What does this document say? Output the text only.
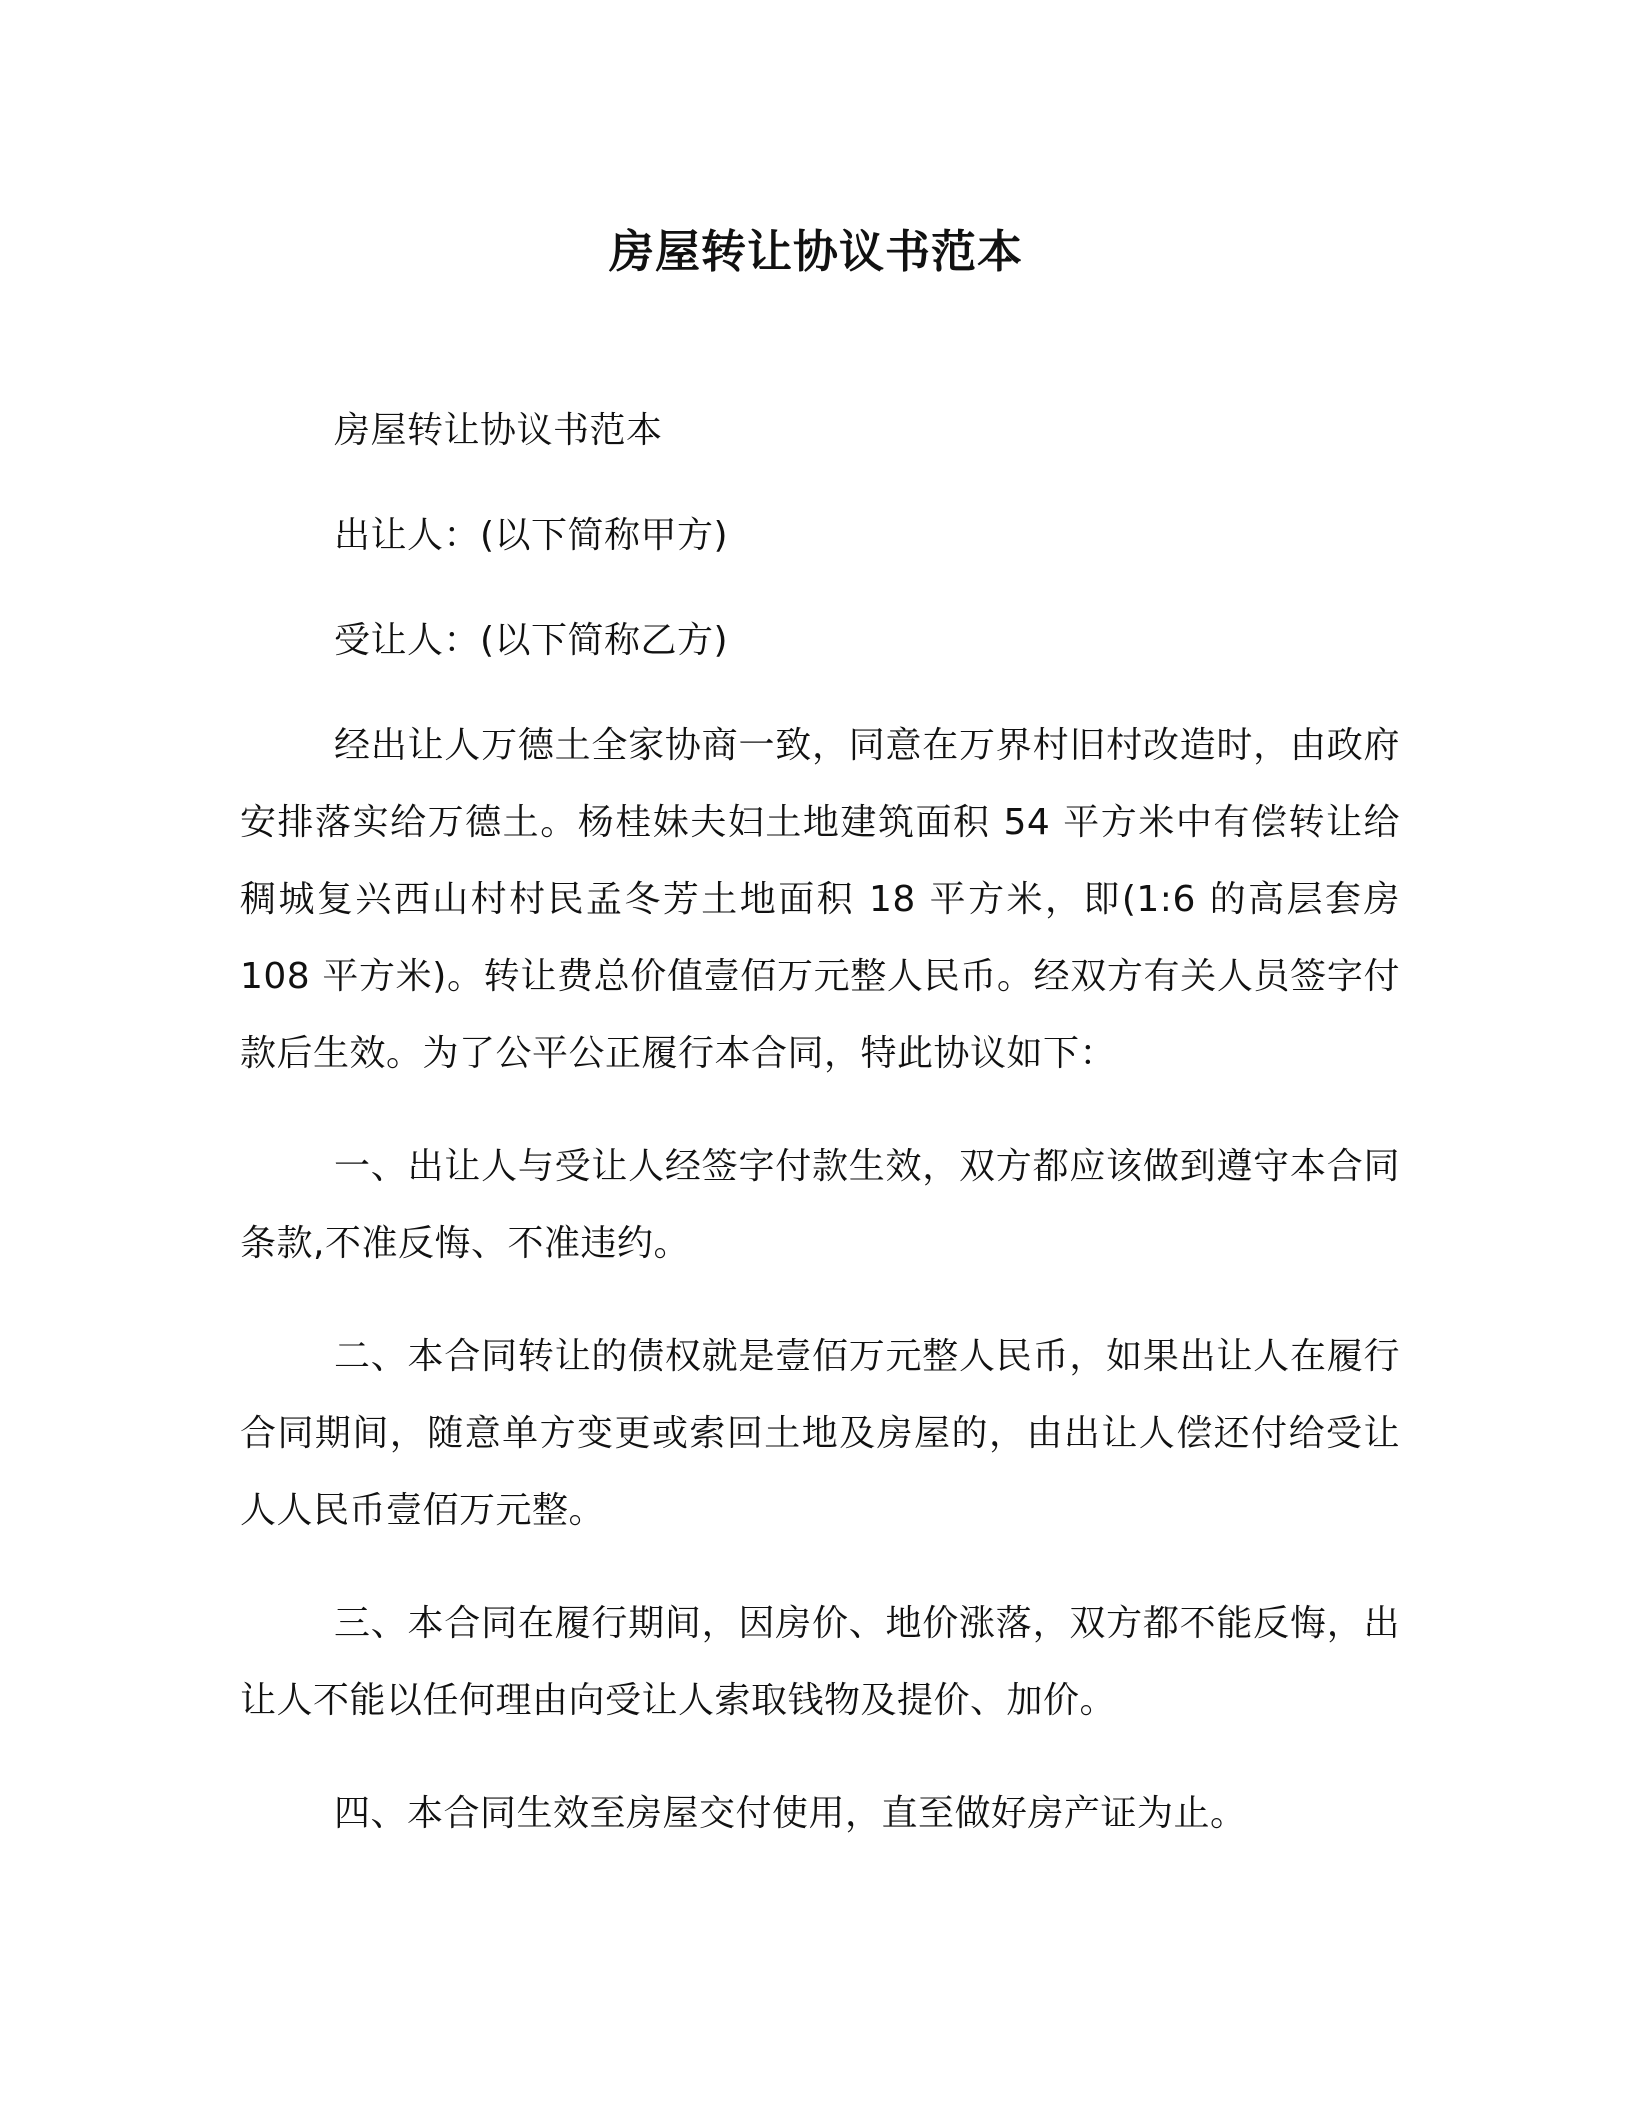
房屋转让协议书范本

房屋转让协议书范本

出让人：(以下简称甲方)

受让人：(以下简称乙方)

经出让人万德土全家协商一致，同意在万界村旧村改造时，由政府安排落实给万德土。杨桂妹夫妇土地建筑面积 54 平方米中有偿转让给稠城复兴西山村村民孟冬芳土地面积 18 平方米，即(1:6 的高层套房 108 平方米)。转让费总价值壹佰万元整人民币。经双方有关人员签字付款后生效。为了公平公正履行本合同，特此协议如下：

一、出让人与受让人经签字付款生效，双方都应该做到遵守本合同条款,不准反悔、不准违约。

二、本合同转让的债权就是壹佰万元整人民币，如果出让人在履行合同期间，随意单方变更或索回土地及房屋的，由出让人偿还付给受让人人民币壹佰万元整。

三、本合同在履行期间，因房价、地价涨落，双方都不能反悔，出让人不能以任何理由向受让人索取钱物及提价、加价。

四、本合同生效至房屋交付使用，直至做好房产证为止。
